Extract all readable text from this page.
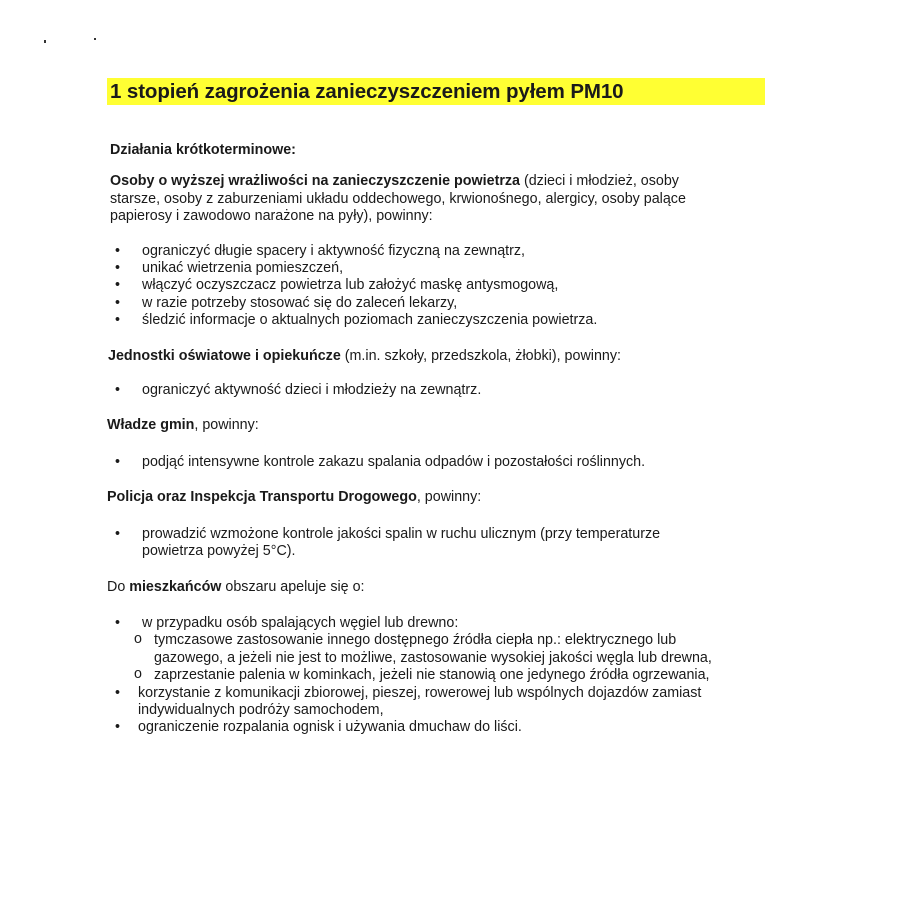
1 stopień zagrożenia zanieczyszczeniem pyłem PM10

Działania krótkoterminowe:

Osoby o wyższej wrażliwości na zanieczyszczenie powietrza (dzieci i młodzież, osoby

starsze, osoby z zaburzeniami układu oddechowego, krwionośnego, alergicy, osoby palące

papierosy i zawodowo narażone na pyły), powinny:

• ograniczyć długie spacery i aktywność fizyczną na zewnątrz,
• unikać wietrzenia pomieszczeń,
• włączyć oczyszczacz powietrza lub założyć maskę antysmogową,
• w razie potrzeby stosować się do zaleceń lekarzy,
• śledzić informacje o aktualnych poziomach zanieczyszczenia powietrza.

Jednostki oświatowe i opiekuńcze (m.in. szkoły, przedszkola, żłobki), powinny:

• ograniczyć aktywność dzieci i młodzieży na zewnątrz.

Władze gmin, powinny:

• podjąć intensywne kontrole zakazu spalania odpadów i pozostałości roślinnych.

Policja oraz Inspekcja Transportu Drogowego, powinny:

• prowadzić wzmożone kontrole jakości spalin w ruchu ulicznym (przy temperaturze
powietrza powyżej 5°C).

Do mieszkańców obszaru apeluje się o:

• w przypadku osób spalających węgiel lub drewno:
o tymczasowe zastosowanie innego dostępnego źródła ciepła np.: elektrycznego lub
gazowego, a jeżeli nie jest to możliwe, zastosowanie wysokiej jakości węgla lub drewna,
o zaprzestanie palenia w kominkach, jeżeli nie stanowią one jedynego źródła ogrzewania,
• korzystanie z komunikacji zbiorowej, pieszej, rowerowej lub wspólnych dojazdów zamiast
indywidualnych podróży samochodem,
• ograniczenie rozpalania ognisk i używania dmuchaw do liści.
